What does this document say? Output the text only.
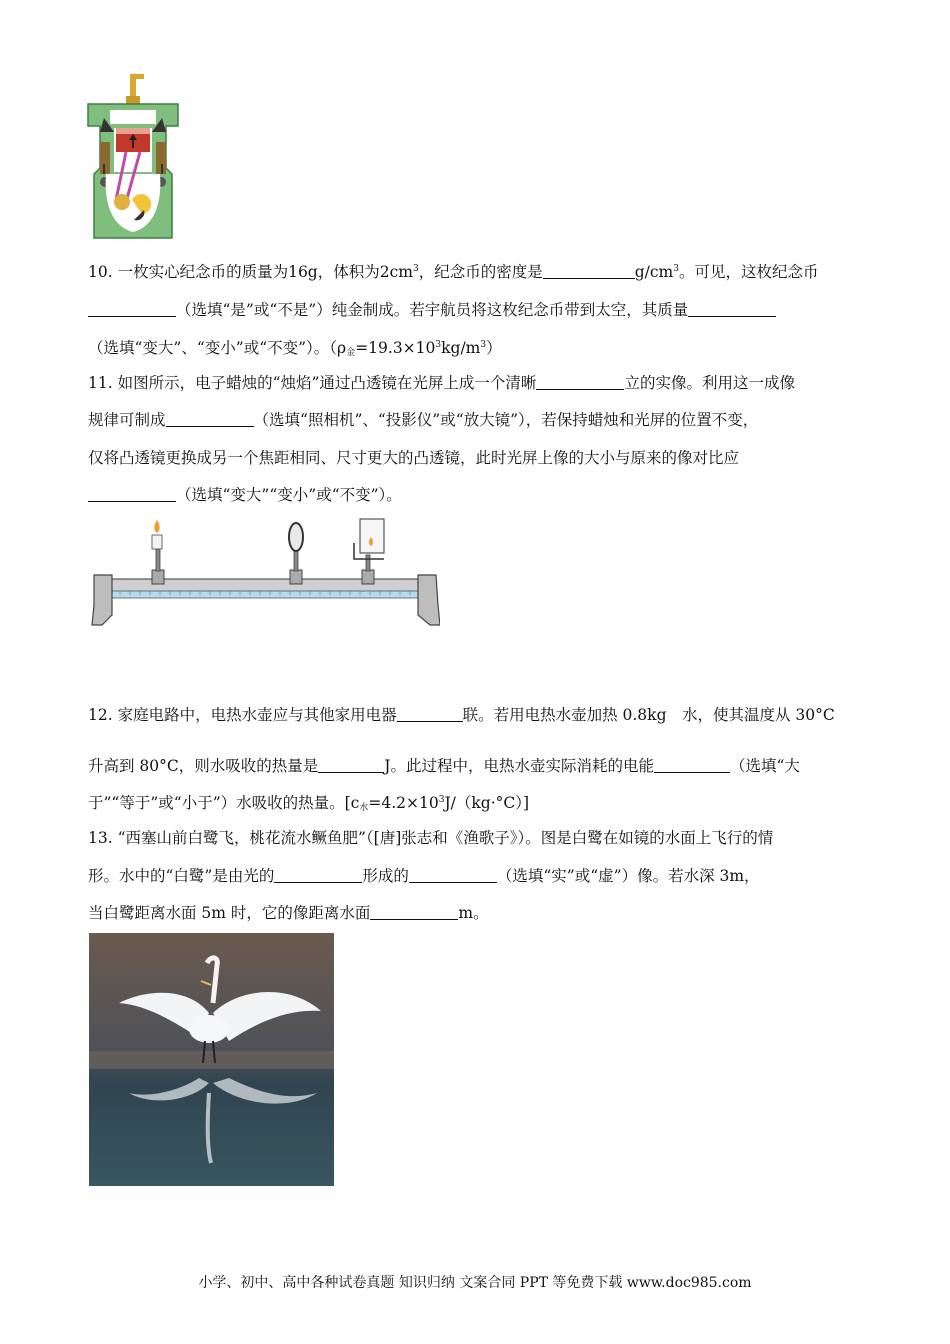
10. 一枚实心纪念币的质量为16g，体积为$2cm^3$，纪念币的密度是	$g/cm^3$。可见，这枚纪念币
（选填“是”或“不是”）纯金制成。若宇航员将这枚纪念币带到太空，其质量
（选填“变大”、“变小”或“不变”）。$(\rho_金=19.3\times 10^3kg/m^3)$
11. 如图所示，电子蜡烛的“烛焰”通过凸透镜在光屏上成一个清晰	立的实像。利用这一成像
规律可制成	（选填“照相机”、“投影仪”或“放大镜”），若保持蜡烛和光屏的位置不变，
仅将凸透镜更换成另一个焦距相同、尺寸更大的凸透镜，此时光屏上像的大小与原来的像对比应
（选填“变大”“变小”或“不变”）。
12. 家庭电路中，电热水壶应与其他家用电器	联。若用电热水壶加热 0.8kg　水，使其温度从 30°C
升高到 80°C，则水吸收的热量是	J。此过程中，电热水壶实际消耗的电能	（选填“大
于”“等于”或“小于”）水吸收的热量。$[c_水=4.2\times 10^3J/(kg\cdot^\circ C)]$
13. “西塞山前白鹭飞，桃花流水鳜鱼肥”（[唐]张志和《渔歌子》）。图是白鹭在如镜的水面上飞行的情
形。水中的“白鹭”是由光的	形成的	（选填“实”或“虚”）像。若水深 3m，
当白鹭距离水面 5m 时，它的像距离水面	m。
小学、初中、高中各种试卷真题 知识归纳 文案合同 PPT 等免费下载 www.doc985.com
